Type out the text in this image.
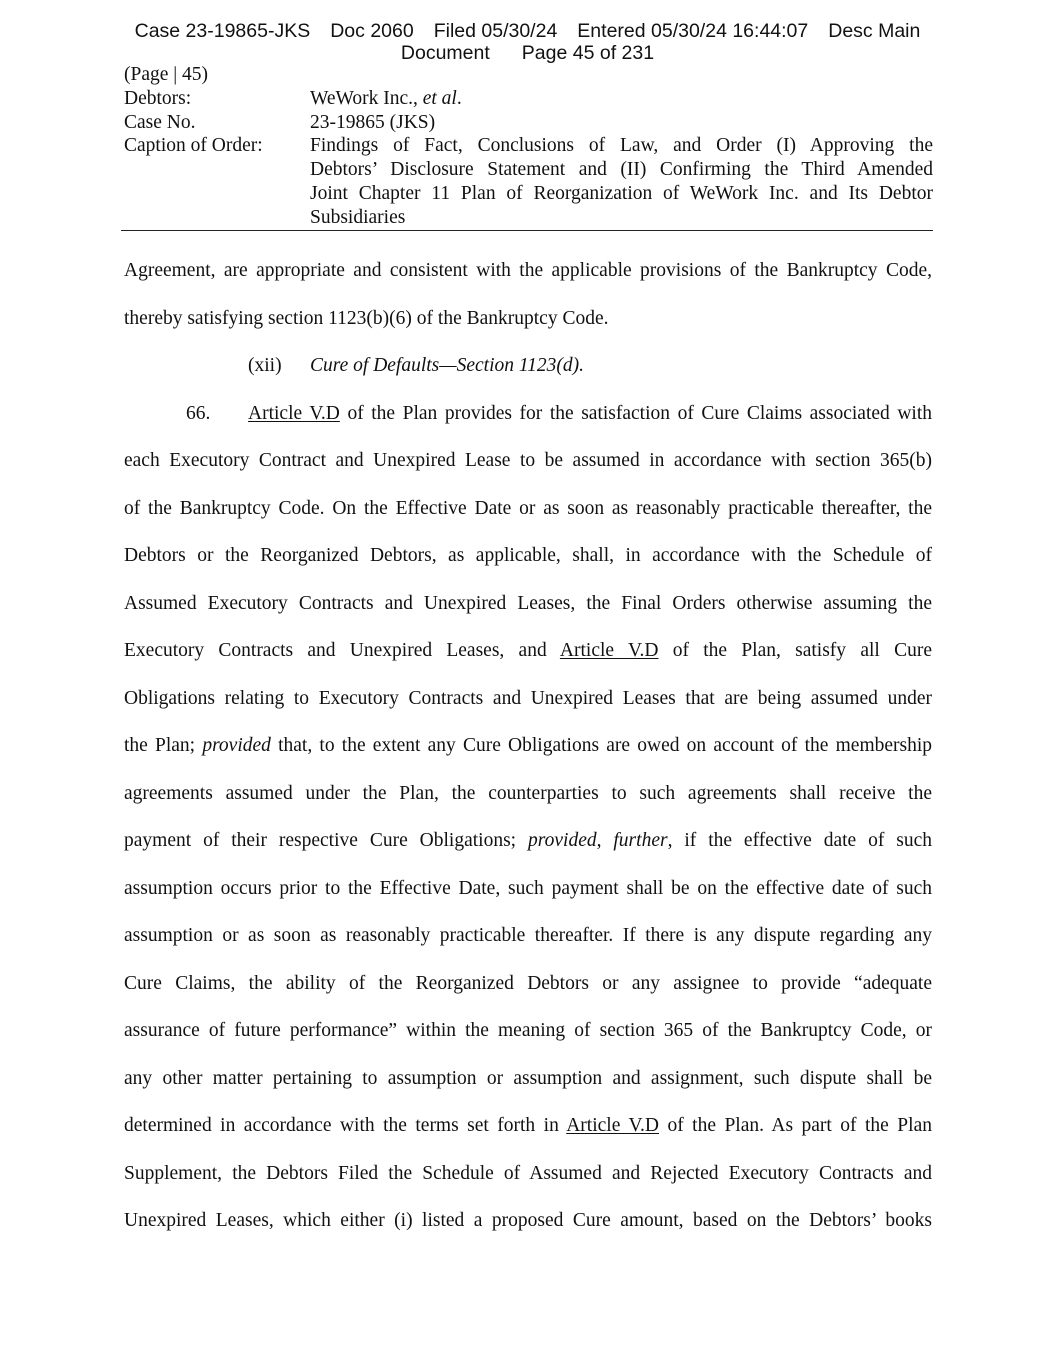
Case 23-19865-JKS Doc 2060 Filed 05/30/24 Entered 05/30/24 16:44:07 Desc Main
Document Page 45 of 231
(Page | 45)
Debtors:	WeWork Inc., et al.
Case No.	23-19865 (JKS)
Caption of Order:	Findings of Fact, Conclusions of Law, and Order (I) Approving the
Debtors’ Disclosure Statement and (II) Confirming the Third Amended
Joint Chapter 11 Plan of Reorganization of WeWork Inc. and Its Debtor
Subsidiaries
Agreement, are appropriate and consistent with the applicable provisions of the Bankruptcy Code,
thereby satisfying section 1123(b)(6) of the Bankruptcy Code.
(xii) Cure of Defaults—Section 1123(d).
66. Article V.D of the Plan provides for the satisfaction of Cure Claims associated with
each Executory Contract and Unexpired Lease to be assumed in accordance with section 365(b)
of the Bankruptcy Code. On the Effective Date or as soon as reasonably practicable thereafter, the
Debtors or the Reorganized Debtors, as applicable, shall, in accordance with the Schedule of
Assumed Executory Contracts and Unexpired Leases, the Final Orders otherwise assuming the
Executory Contracts and Unexpired Leases, and Article V.D of the Plan, satisfy all Cure
Obligations relating to Executory Contracts and Unexpired Leases that are being assumed under
the Plan; provided that, to the extent any Cure Obligations are owed on account of the membership
agreements assumed under the Plan, the counterparties to such agreements shall receive the
payment of their respective Cure Obligations; provided, further, if the effective date of such
assumption occurs prior to the Effective Date, such payment shall be on the effective date of such
assumption or as soon as reasonably practicable thereafter. If there is any dispute regarding any
Cure Claims, the ability of the Reorganized Debtors or any assignee to provide “adequate
assurance of future performance” within the meaning of section 365 of the Bankruptcy Code, or
any other matter pertaining to assumption or assumption and assignment, such dispute shall be
determined in accordance with the terms set forth in Article V.D of the Plan. As part of the Plan
Supplement, the Debtors Filed the Schedule of Assumed and Rejected Executory Contracts and
Unexpired Leases, which either (i) listed a proposed Cure amount, based on the Debtors’ books
